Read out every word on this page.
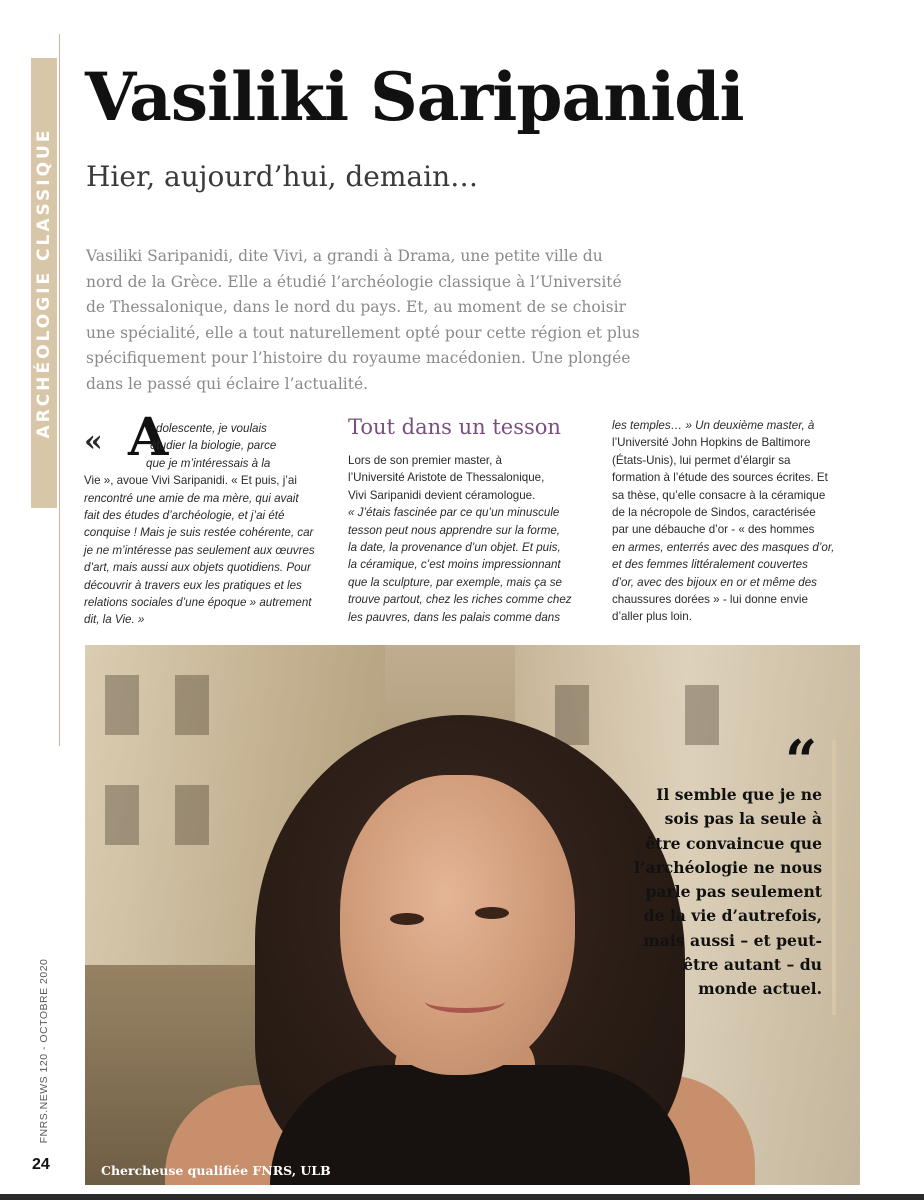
ARCHÉOLOGIE CLASSIQUE
Vasiliki Saripanidi
Hier, aujourd’hui, demain…
Vasiliki Saripanidi, dite Vivi, a grandi à Drama, une petite ville du
nord de la Grèce. Elle a étudié l’archéologie classique à l’Université
de Thessalonique, dans le nord du pays. Et, au moment de se choisir
une spécialité, elle a tout naturellement opté pour cette région et plus
spécifiquement pour l’histoire du royaume macédonien. Une plongée
dans le passé qui éclaire l’actualité.
« A
dolescente, je voulais
étudier la biologie, parce
que je m’intéressais à la
Vie », avoue Vivi Saripanidi. « Et puis, j’ai
rencontré une amie de ma mère, qui avait
fait des études d’archéologie, et j’ai été
conquise ! Mais je suis restée cohérente, car
je ne m’intéresse pas seulement aux œuvres
d’art, mais aussi aux objets quotidiens. Pour
découvrir à travers eux les pratiques et les
relations sociales d’une époque » autrement
dit, la Vie. »
Tout dans un tesson
Lors de son premier master, à
l’Université Aristote de Thessalonique,
Vivi Saripanidi devient céramologue.
« J’étais fascinée par ce qu’un minuscule
tesson peut nous apprendre sur la forme,
la date, la provenance d’un objet. Et puis,
la céramique, c’est moins impressionnant
que la sculpture, par exemple, mais ça se
trouve partout, chez les riches comme chez
les pauvres, dans les palais comme dans
les temples… » Un deuxième master, à
l’Université John Hopkins de Baltimore
(États-Unis), lui permet d’élargir sa
formation à l’étude des sources écrites. Et
sa thèse, qu’elle consacre à la céramique
de la nécropole de Sindos, caractérisée
par une débauche d’or - « des hommes
en armes, enterrés avec des masques d’or,
et des femmes littéralement couvertes
d’or, avec des bijoux en or et même des
chaussures dorées » - lui donne envie
d’aller plus loin.
“
Il semble que je ne
sois pas la seule à
être convaincue que
l’archéologie ne nous
parle pas seulement
de la vie d’autrefois,
mais aussi – et peut-
être autant – du
monde actuel.
Chercheuse qualifiée FNRS, ULB
FNRS.NEWS 120 - OCTOBRE 2020
24
